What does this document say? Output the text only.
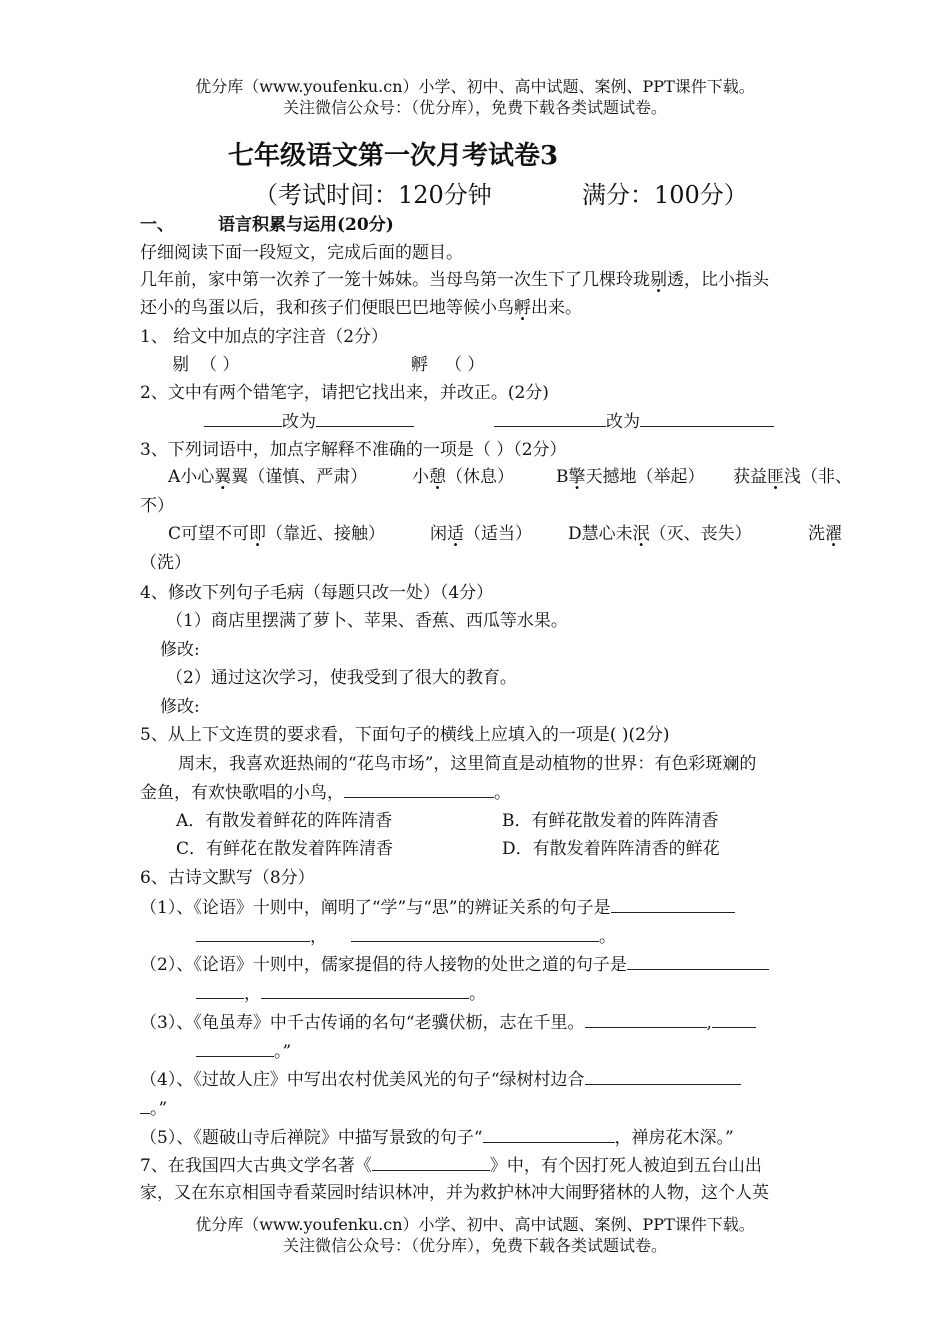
优分库（www.youfenku.cn）小学、初中、高中试题、案例、PPT课件下载。
关注微信公众号：（优分库），免费下载各类试题试卷。
七年级语文第一次月考试卷3
（考试时间：120分钟	满分：100分）
一、	语言积累与运用(20分)
仔细阅读下面一段短文，完成后面的题目。
几年前，家中第一次养了一笼十姊妹。当母鸟第一次生下了几棵玲珑剔透，比小指头
还小的鸟蛋以后，我和孩子们便眼巴巴地等候小鸟孵出来。
1、 给文中加点的字注音（2分）
剔 （ ）	孵 （ ）
2、文中有两个错笔字，请把它找出来，并改正。(2分)
改为	改为
3、下列词语中，加点字解释不准确的一项是（ ）（2分）
A小心翼翼（谨慎、严肃）	小憩（休息） B擎天撼地（举起） 获益匪浅（非、
不）
C可望不可即（靠近、接触）	闲适（适当） D慧心未泯（灭、丧失）	洗濯
（洗）
4、修改下列句子毛病（每题只改一处）（4分）
（1）商店里摆满了萝卜、苹果、香蕉、西瓜等水果。
修改:
（2）通过这次学习，使我受到了很大的教育。
修改:
5、从上下文连贯的要求看，下面句子的横线上应填入的一项是( )(2分)
周末，我喜欢逛热闹的“花鸟市场”，这里简直是动植物的世界：有色彩斑斓的
金鱼，有欢快歌唱的小鸟，	。
A．有散发着鲜花的阵阵清香	B．有鲜花散发着的阵阵清香
C．有鲜花在散发着阵阵清香	D．有散发着阵阵清香的鲜花
6、古诗文默写（8分）
（1）、《论语》十则中，阐明了“学”与“思”的辨证关系的句子是
，	。
（2）、《论语》十则中，儒家提倡的待人接物的处世之道的句子是
，	。
（3）、《龟虽寿》中千古传诵的名句“老骥伏枥，志在千里。	,
。”
（4）、《过故人庄》中写出农村优美风光的句子“绿树村边合
。”
（5）、《题破山寺后禅院》中描写景致的句子“	，禅房花木深。”
7、在我国四大古典文学名著《	》中，有个因打死人被迫到五台山出
家，又在东京相国寺看菜园时结识林冲，并为救护林冲大闹野猪林的人物，这个人英
优分库（www.youfenku.cn）小学、初中、高中试题、案例、PPT课件下载。
关注微信公众号：（优分库），免费下载各类试题试卷。
